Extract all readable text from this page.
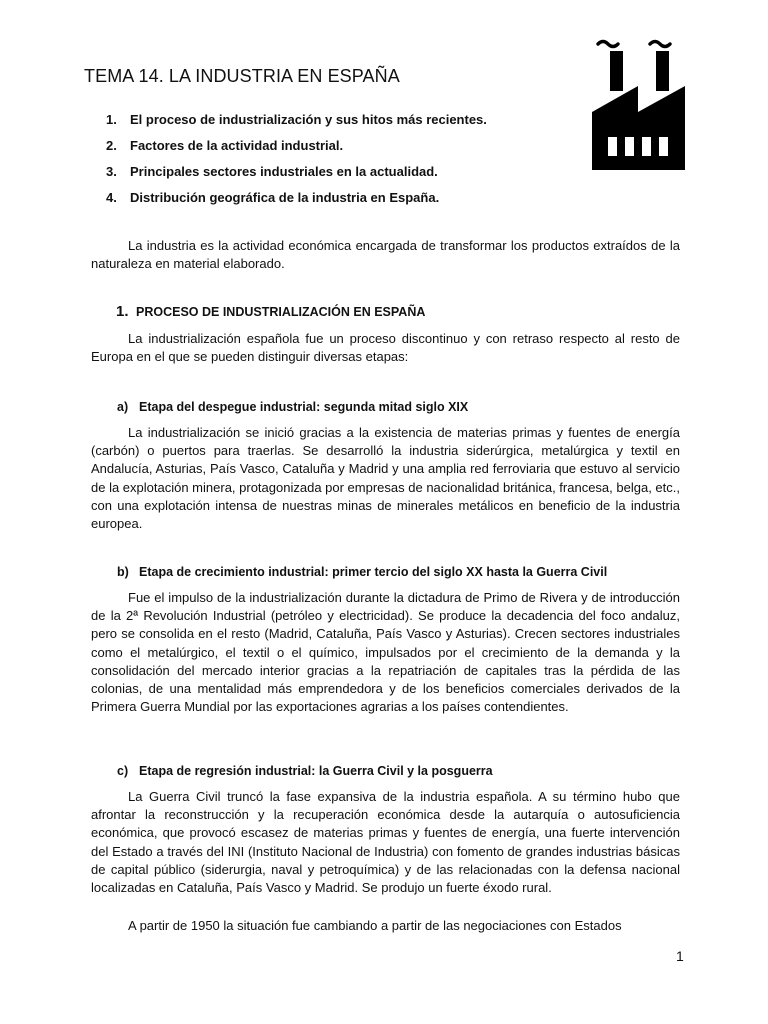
TEMA 14. LA INDUSTRIA EN ESPAÑA
1. El proceso de industrialización y sus hitos más recientes.
2. Factores de la actividad industrial.
3. Principales sectores industriales en la actualidad.
4. Distribución geográfica de la industria en España.

La industria es la actividad económica encargada de transformar los productos extraídos de la naturaleza en material elaborado.

1. PROCESO DE INDUSTRIALIZACIÓN EN ESPAÑA

La industrialización española fue un proceso discontinuo y con retraso respecto al resto de Europa en el que se pueden distinguir diversas etapas:

a) Etapa del despegue industrial: segunda mitad siglo XIX

La industrialización se inició gracias a la existencia de materias primas y fuentes de energía (carbón) o puertos para traerlas. Se desarrolló la industria siderúrgica, metalúrgica y textil en Andalucía, Asturias, País Vasco, Cataluña y Madrid y una amplia red ferroviaria que estuvo al servicio de la explotación minera, protagonizada por empresas de nacionalidad británica, francesa, belga, etc., con una explotación intensa de nuestras minas de minerales metálicos en beneficio de la industria europea.

b) Etapa de crecimiento industrial: primer tercio del siglo XX hasta la Guerra Civil

Fue el impulso de la industrialización durante la dictadura de Primo de Rivera y de introducción de la 2ª Revolución Industrial (petróleo y electricidad). Se produce la decadencia del foco andaluz, pero se consolida en el resto (Madrid, Cataluña, País Vasco y Asturias). Crecen sectores industriales como el metalúrgico, el textil o el químico, impulsados por el crecimiento de la demanda y la consolidación del mercado interior gracias a la repatriación de capitales tras la pérdida de las colonias, de una mentalidad más emprendedora y de los beneficios comerciales derivados de la Primera Guerra Mundial por las exportaciones agrarias a los países contendientes.

c) Etapa de regresión industrial: la Guerra Civil y la posguerra

La Guerra Civil truncó la fase expansiva de la industria española. A su término hubo que afrontar la reconstrucción y la recuperación económica desde la autarquía o autosuficiencia económica, que provocó escasez de materias primas y fuentes de energía, una fuerte intervención del Estado a través del INI (Instituto Nacional de Industria) con fomento de grandes industrias básicas de capital público (siderurgia, naval y petroquímica) y de las relacionadas con la defensa nacional localizadas en Cataluña, País Vasco y Madrid. Se produjo un fuerte éxodo rural.

A partir de 1950 la situación fue cambiando a partir de las negociaciones con Estados

1
